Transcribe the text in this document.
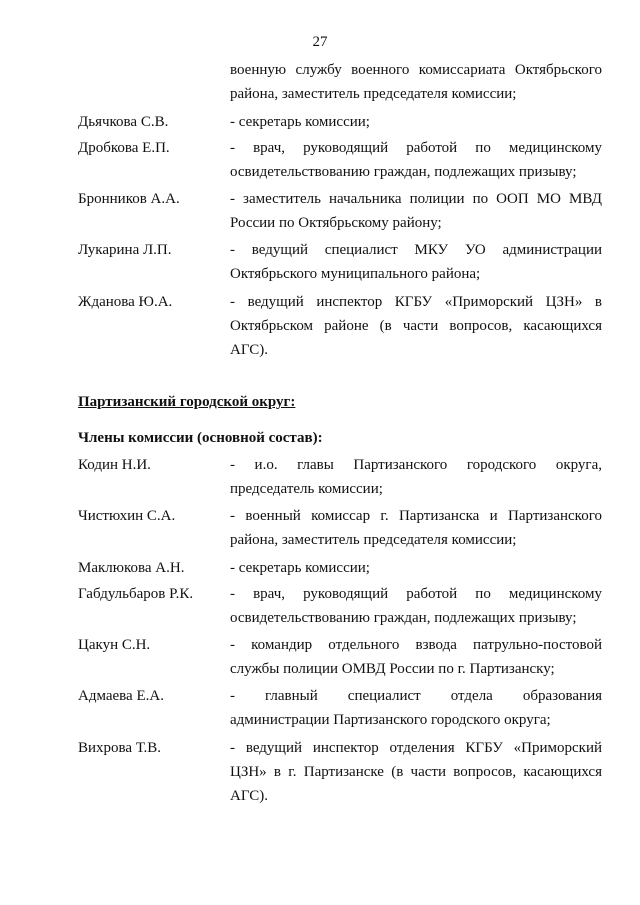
27
военную службу военного комиссариата Октябрьского
района, заместитель председателя комиссии;
Дьячкова С.В.	- секретарь комиссии;
Дробкова Е.П.	- врач, руководящий работой по медицинскому
освидетельствованию граждан, подлежащих призыву;
Бронников А.А.	- заместитель начальника полиции по ООП МО МВД
России по Октябрьскому району;
Лукарина Л.П.	- ведущий специалист МКУ УО администрации
Октябрьского муниципального района;
Жданова Ю.А.	- ведущий инспектор КГБУ «Приморский ЦЗН» в
Октябрьском районе (в части вопросов, касающихся
АГС).
Партизанский городской округ:
Члены комиссии (основной состав):
Кодин Н.И.	- и.о. главы Партизанского городского округа,
председатель комиссии;
Чистюхин С.А.	- военный комиссар г. Партизанска и Партизанского
района, заместитель председателя комиссии;
Маклюкова А.Н.	- секретарь комиссии;
Габдульбаров Р.К.	- врач, руководящий работой по медицинскому
освидетельствованию граждан, подлежащих призыву;
Цакун С.Н.	- командир отдельного взвода патрульно-постовой
службы полиции ОМВД России по г. Партизанску;
Адмаева Е.А.	- главный специалист отдела образования
администрации Партизанского городского округа;
Вихрова Т.В.	- ведущий инспектор отделения КГБУ «Приморский
ЦЗН» в г. Партизанске (в части вопросов, касающихся
АГС).
